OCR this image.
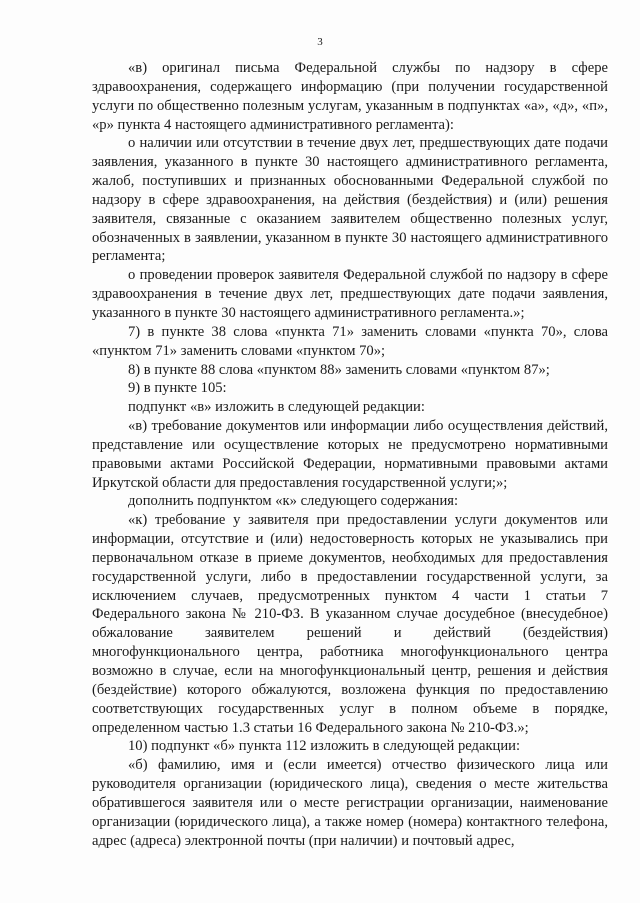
3

«в) оригинал письма Федеральной службы по надзору в сфере здравоохранения, содержащего информацию (при получении государственной услуги по общественно полезным услугам, указанным в подпунктах «а», «д», «п», «р» пункта 4 настоящего административного регламента):

о наличии или отсутствии в течение двух лет, предшествующих дате подачи заявления, указанного в пункте 30 настоящего административного регламента, жалоб, поступивших и признанных обоснованными Федеральной службой по надзору в сфере здравоохранения, на действия (бездействия) и (или) решения заявителя, связанные с оказанием заявителем общественно полезных услуг, обозначенных в заявлении, указанном в пункте 30 настоящего административного регламента;

о проведении проверок заявителя Федеральной службой по надзору в сфере здравоохранения в течение двух лет, предшествующих дате подачи заявления, указанного в пункте 30 настоящего административного регламента.»;

7) в пункте 38 слова «пункта 71» заменить словами «пункта 70», слова «пунктом 71» заменить словами «пунктом 70»;

8) в пункте 88 слова «пунктом 88» заменить словами «пунктом 87»;

9) в пункте 105:

подпункт «в» изложить в следующей редакции:

«в) требование документов или информации либо осуществления действий, представление или осуществление которых не предусмотрено нормативными правовыми актами Российской Федерации, нормативными правовыми актами Иркутской области для предоставления государственной услуги;»;

дополнить подпунктом «к» следующего содержания:

«к) требование у заявителя при предоставлении услуги документов или информации, отсутствие и (или) недостоверность которых не указывались при первоначальном отказе в приеме документов, необходимых для предоставления государственной услуги, либо в предоставлении государственной услуги, за исключением случаев, предусмотренных пунктом 4 части 1 статьи 7 Федерального закона № 210-ФЗ. В указанном случае досудебное (внесудебное) обжалование заявителем решений и действий (бездействия) многофункционального центра, работника многофункционального центра возможно в случае, если на многофункциональный центр, решения и действия (бездействие) которого обжалуются, возложена функция по предоставлению соответствующих государственных услуг в полном объеме в порядке, определенном частью 1.3 статьи 16 Федерального закона № 210-ФЗ.»;

10) подпункт «б» пункта 112 изложить в следующей редакции:

«б) фамилию, имя и (если имеется) отчество физического лица или руководителя организации (юридического лица), сведения о месте жительства обратившегося заявителя или о месте регистрации организации, наименование организации (юридического лица), а также номер (номера) контактного телефона, адрес (адреса) электронной почты (при наличии) и почтовый адрес,
